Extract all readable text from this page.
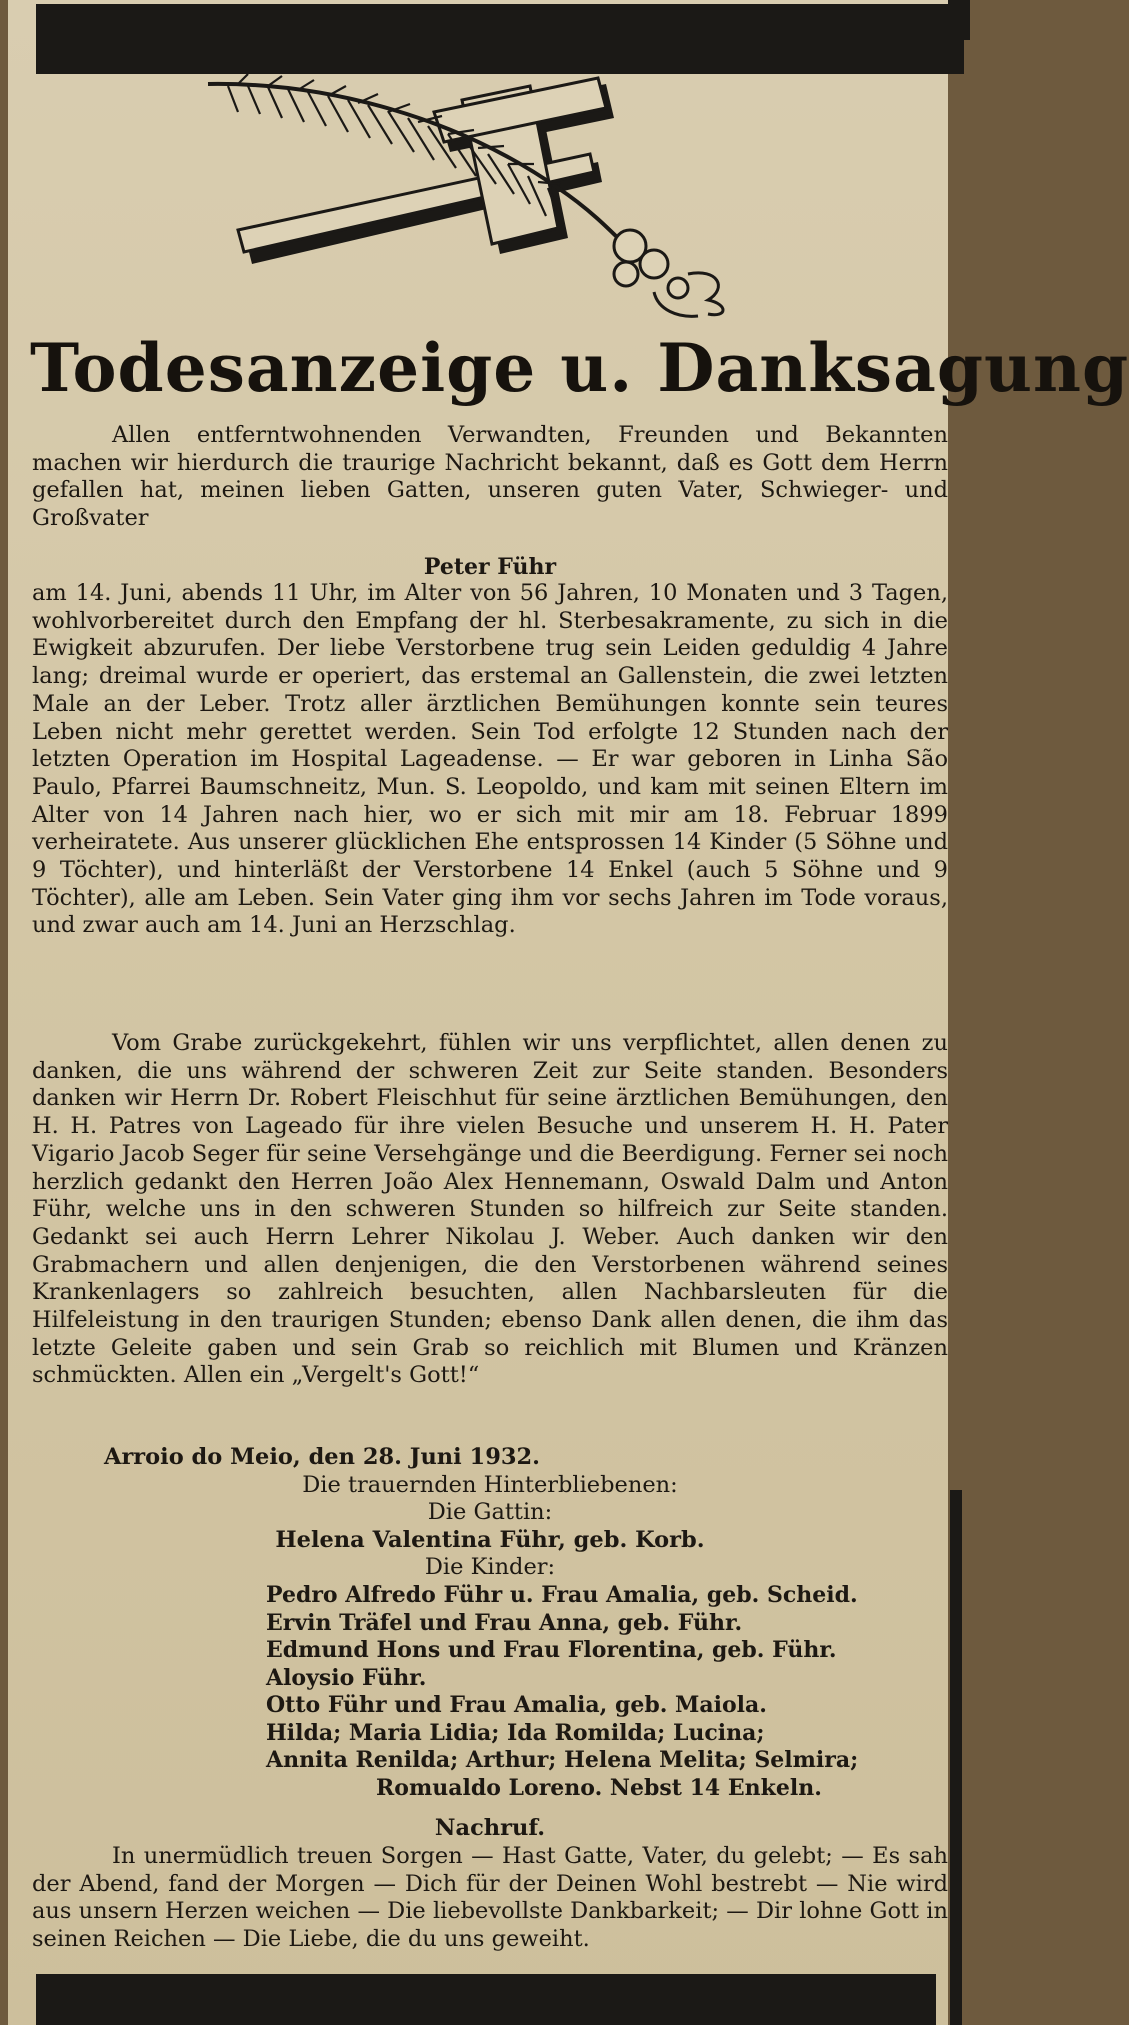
Todesanzeige u. Danksagung

Allen entferntwohnenden Verwandten, Freunden und Bekannten machen wir hierdurch die traurige Nachricht bekannt, daß es Gott dem Herrn gefallen hat, meinen lieben Gatten, unseren guten Vater, Schwieger- und Großvater

Peter Führ

am 14. Juni, abends 11 Uhr, im Alter von 56 Jahren, 10 Monaten und 3 Tagen, wohlvorbereitet durch den Empfang der hl. Sterbesakramente, zu sich in die Ewigkeit abzurufen. Der liebe Verstorbene trug sein Leiden geduldig 4 Jahre lang; dreimal wurde er operiert, das erstemal an Gallenstein, die zwei letzten Male an der Leber. Trotz aller ärztlichen Bemühungen konnte sein teures Leben nicht mehr gerettet werden. Sein Tod erfolgte 12 Stunden nach der letzten Operation im Hospital Lageadense. — Er war geboren in Linha São Paulo, Pfarrei Baumschneitz, Mun. S. Leopoldo, und kam mit seinen Eltern im Alter von 14 Jahren nach hier, wo er sich mit mir am 18. Februar 1899 verheiratete. Aus unserer glücklichen Ehe entsprossen 14 Kinder (5 Söhne und 9 Töchter), und hinterläßt der Verstorbene 14 Enkel (auch 5 Söhne und 9 Töchter), alle am Leben. Sein Vater ging ihm vor sechs Jahren im Tode voraus, und zwar auch am 14. Juni an Herzschlag.

Vom Grabe zurückgekehrt, fühlen wir uns verpflichtet, allen denen zu danken, die uns während der schweren Zeit zur Seite standen. Besonders danken wir Herrn Dr. Robert Fleischhut für seine ärztlichen Bemühungen, den H. H. Patres von Lageado für ihre vielen Besuche und unserem H. H. Pater Vigario Jacob Seger für seine Versehgänge und die Beerdigung. Ferner sei noch herzlich gedankt den Herren João Alex Hennemann, Oswald Dalm und Anton Führ, welche uns in den schweren Stunden so hilfreich zur Seite standen. Gedankt sei auch Herrn Lehrer Nikolau J. Weber. Auch danken wir den Grabmachern und allen denjenigen, die den Verstorbenen während seines Krankenlagers so zahlreich besuchten, allen Nachbarsleuten für die Hilfeleistung in den traurigen Stunden; ebenso Dank allen denen, die ihm das letzte Geleite gaben und sein Grab so reichlich mit Blumen und Kränzen schmückten. Allen ein „Vergelt's Gott!“

Arroio do Meio, den 28. Juni 1932.
Die trauernden Hinterbliebenen:
Die Gattin:
Helena Valentina Führ, geb. Korb.
Die Kinder:

Pedro Alfredo Führ u. Frau Amalia, geb. Scheid.

Ervin Träfel und Frau Anna, geb. Führ.

Edmund Hons und Frau Florentina, geb. Führ.

Aloysio Führ.

Otto Führ und Frau Amalia, geb. Maiola.

Hilda; Maria Lidia; Ida Romilda; Lucina;

Annita Renilda; Arthur; Helena Melita; Selmira;

Romualdo Loreno. Nebst 14 Enkeln.

Nachruf.

In unermüdlich treuen Sorgen — Hast Gatte, Vater, du gelebt; — Es sah der Abend, fand der Morgen — Dich für der Deinen Wohl bestrebt — Nie wird aus unsern Herzen weichen — Die liebevollste Dankbarkeit; — Dir lohne Gott in seinen Reichen — Die Liebe, die du uns geweiht.
